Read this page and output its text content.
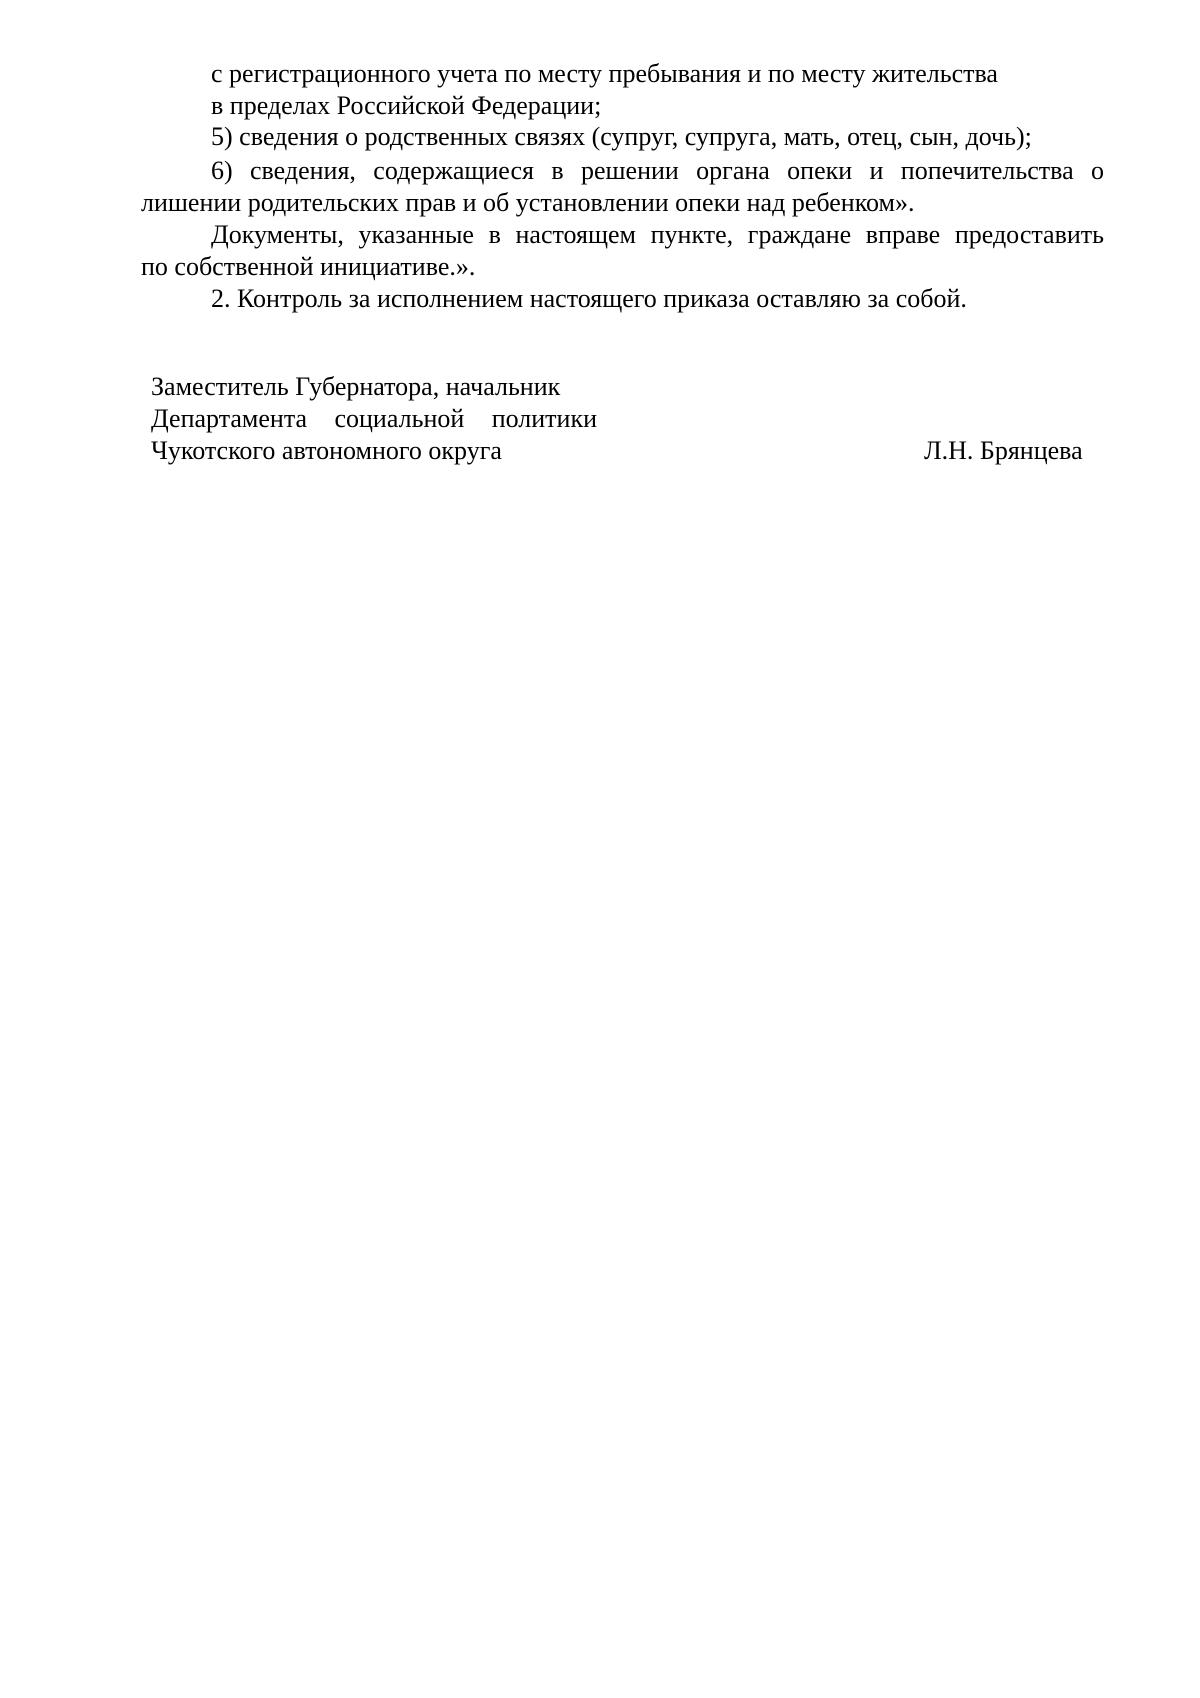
с регистрационного учета по месту пребывания и по месту жительства
в пределах Российской Федерации;
5) сведения о родственных связях (супруг, супруга, мать, отец, сын, дочь);
6) сведения, содержащиеся в решении органа опеки и попечительства о
лишении родительских прав и об установлении опеки над ребенком».
Документы, указанные в настоящем пункте, граждане вправе предоставить
по собственной инициативе.».
2. Контроль за исполнением настоящего приказа оставляю за собой.
Заместитель Губернатора, начальник
Департамента социальной политики
Чукотского автономного округа	Л.Н. Брянцева
